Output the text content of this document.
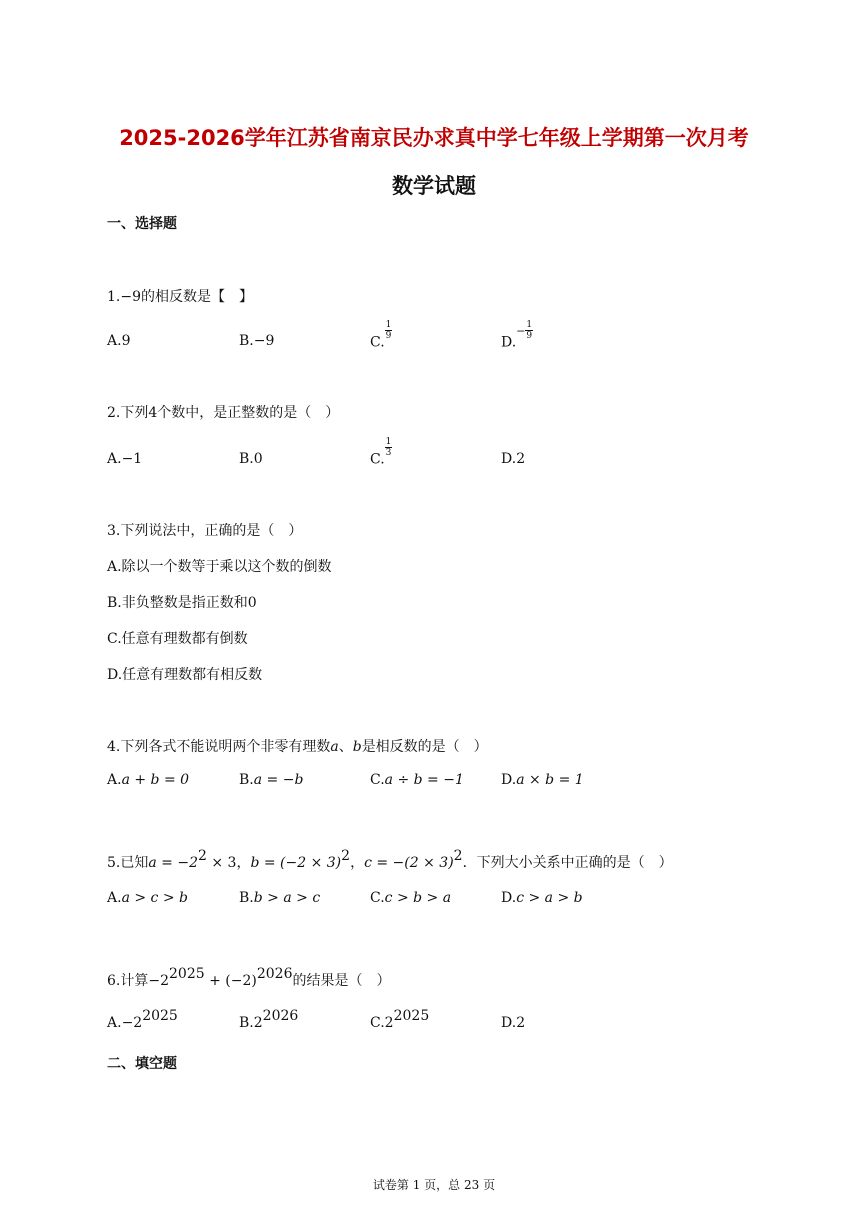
2025-2026学年江苏省南京民办求真中学七年级上学期第一次月考
数学试题
一、选择题
1.−9的相反数是【　】
A.9	B.−9	C.
$\frac{1}{9}$
$D.- \frac{1}{9}$
2.下列4个数中，是正整数的是（　）
A.−1	B.0	C.
$\frac{1}{3}$
D.2
3.下列说法中，正确的是（　）
A.除以一个数等于乘以这个数的倒数
B.非负整数是指正数和0
C.任意有理数都有倒数
D.任意有理数都有相反数
4.下列各式不能说明两个非零有理数a、b是相反数的是（　）
A.a + b = 0	B.a = −b	C.a ÷ b = −1	D.a × b = 1
5.已知$a = -2^2 \times 3$，$b = (-2 \times 3)^2$，$c = -(2 \times 3)^2$．下列大小关系中正确的是（　）
A.a > c > b	B.b > a > c	C.c > b > a	D.c > a > b
6.计算$-2^{2025} + (-2)^{2026}$的结果是（　）
$A.-2^{2025}$	$B.2^{2026}$	$C.2^{2025}$	D.2
二、填空题
试卷第 1 页，总 23 页
